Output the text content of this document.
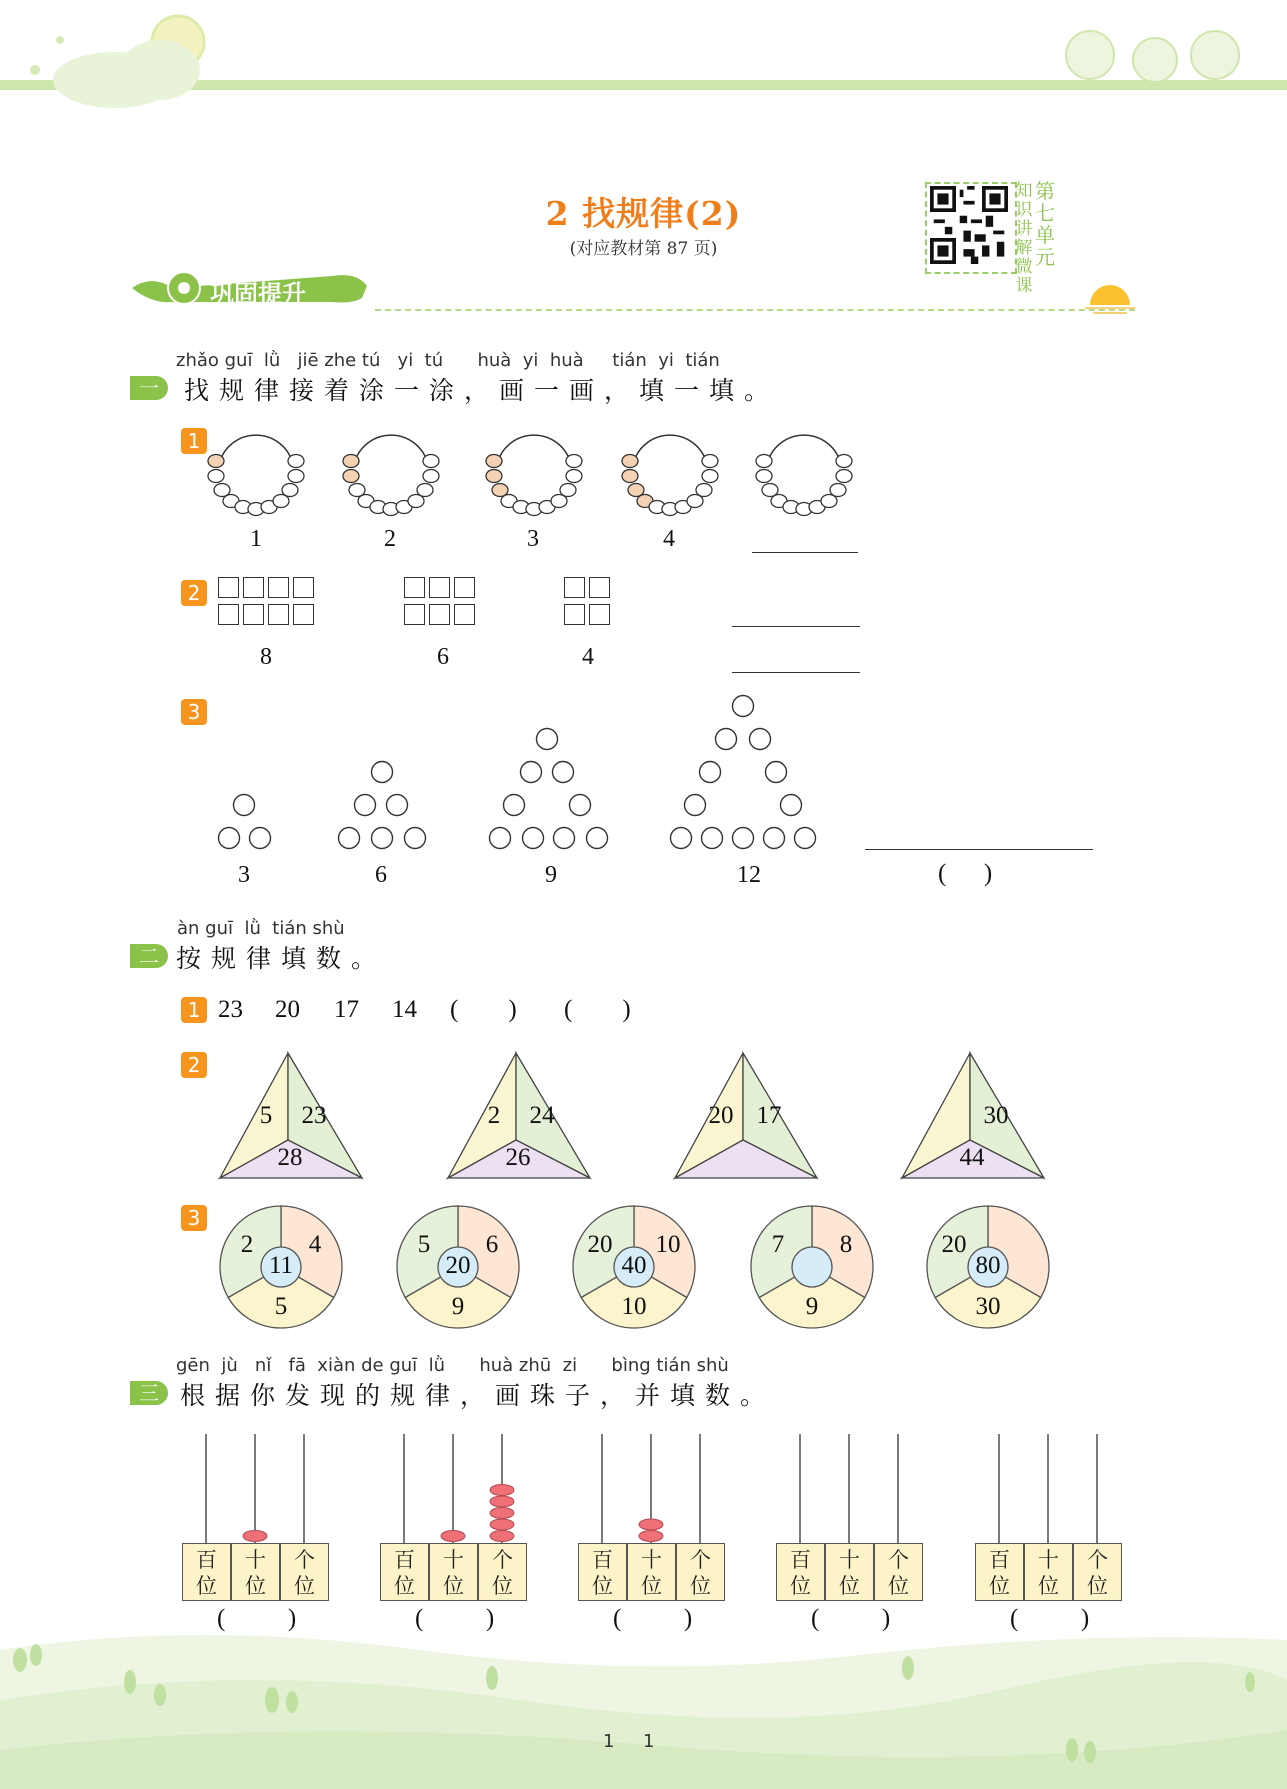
2 找规律(2)
(对应教材第 87 页)
知
识
讲
解
微
课
第
七
单
元
巩固提升
zhǎo guī  lǜ   jiē zhe tú   yi  tú      huà  yi  huà     tián  yi  tián
一	找规律接着涂一涂，画一画，填一填。
1
1	2	3	4
2
8	6	4
3
3	6	9	12	(      )
àn guī  lǜ  tián shù
二 按规律填数。
1 23 20 17 14 (        ) (        )
2
5	23
28
2	24
26
20 17	30
44
3
2	4
11
5
5	6
20
9
20	10
40
10
7	8
9
20
80
30
gēn  jù   nǐ   fā  xiàn de guī  lǜ      huà zhū  zi      bìng tián shù
三 根据你发现的规律，画珠子，并填数。
百
位
十
位
个
位
(          )
百
位
十
位
个
位
(          )
百
位
十
位
个
位
(          )
百
位
十
位
个
位
(          )
百
位
十
位
个
位
(          )
1     1
